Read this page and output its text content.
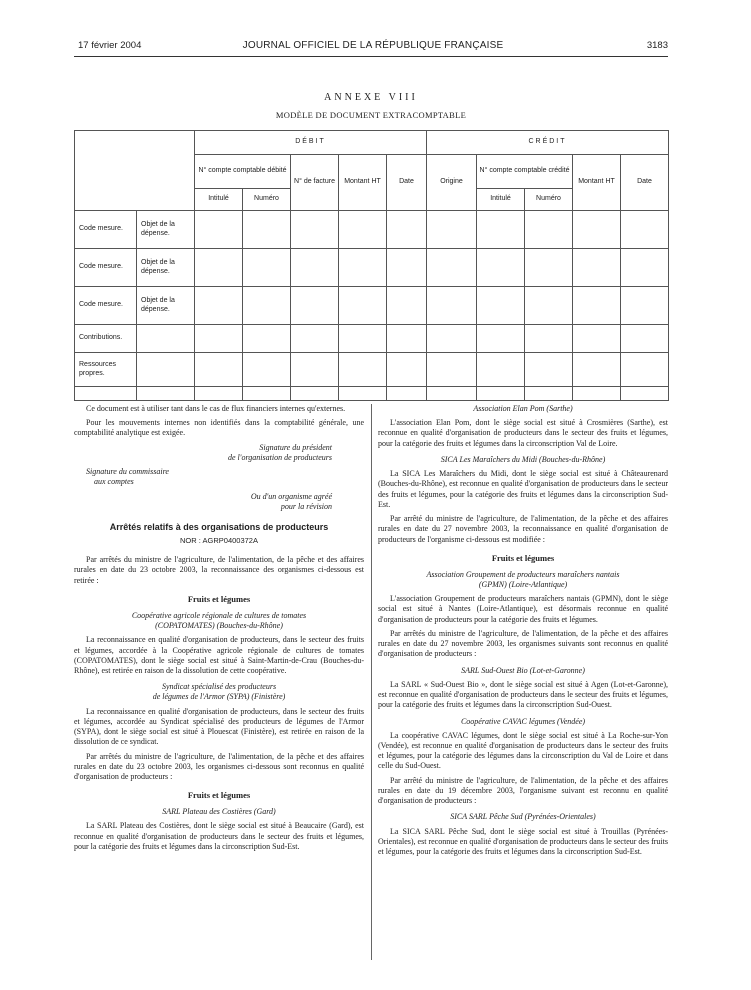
17 février 2004	JOURNAL OFFICIEL DE LA RÉPUBLIQUE FRANÇAISE	3183
ANNEXE VIII
MODÈLE DE DOCUMENT EXTRACOMPTABLE
		DÉBIT					CRÉDIT				
		N° compte comptable débité		N° de facture	Montant HT	Date	Origine	N° compte comptable crédité		Montant HT	Date
		Intitulé	Numéro					Intitulé	Numéro		
Code mesure.	Objet de la dépense.										
Code mesure.	Objet de la dépense.										
Code mesure.	Objet de la dépense.										
Contributions.											
Ressources propres.											

Ce document est à utiliser tant dans le cas de flux financiers internes qu'externes.

Pour les mouvements internes non identifiés dans la comptabilité générale, une comptabilité analytique est exigée.

Signature du président
de l'organisation de producteurs

Signature du commissaire
aux comptes

Ou d'un organisme agréé
pour la révision

Arrêtés relatifs à des organisations de producteurs
NOR : AGRP0400372A

Par arrêtés du ministre de l'agriculture, de l'alimentation, de la pêche et des affaires rurales en date du 23 octobre 2003, la reconnaissance des organismes ci-dessous est retirée :

Fruits et légumes

Coopérative agricole régionale de cultures de tomates
(COPATOMATES) (Bouches-du-Rhône)

La reconnaissance en qualité d'organisation de producteurs, dans le secteur des fruits et légumes, accordée à la Coopérative agricole régionale de cultures de tomates (COPATOMATES), dont le siège social est situé à Saint-Martin-de-Crau (Bouches-du-Rhône), est retirée en raison de la dissolution de cette coopérative.

Syndicat spécialisé des producteurs
de légumes de l'Armor (SYPA) (Finistère)

La reconnaissance en qualité d'organisation de producteurs, dans le secteur des fruits et légumes, accordée au Syndicat spécialisé des producteurs de légumes de l'Armor (SYPA), dont le siège social est situé à Plouescat (Finistère), est retirée en raison de la dissolution de ce syndicat.

Par arrêtés du ministre de l'agriculture, de l'alimentation, de la pêche et des affaires rurales en date du 23 octobre 2003, les organismes ci-dessous sont reconnus en qualité d'organisation de producteurs :

Fruits et légumes

SARL Plateau des Costières (Gard)

La SARL Plateau des Costières, dont le siège social est situé à Beaucaire (Gard), est reconnue en qualité d'organisation de producteurs dans le secteur des fruits et légumes, pour la catégorie des fruits et légumes dans la circonscription Sud-Est.

Association Elan Pom (Sarthe)

L'association Elan Pom, dont le siège social est situé à Crosmières (Sarthe), est reconnue en qualité d'organisation de producteurs dans le secteur des fruits et légumes, pour la catégorie des fruits et légumes dans la circonscription Val de Loire.

SICA Les Maraîchers du Midi (Bouches-du-Rhône)

La SICA Les Maraîchers du Midi, dont le siège social est situé à Châteaurenard (Bouches-du-Rhône), est reconnue en qualité d'organisation de producteurs dans le secteur des fruits et légumes, pour la catégorie des fruits et légumes dans la circonscription Sud-Est.

Par arrêté du ministre de l'agriculture, de l'alimentation, de la pêche et des affaires rurales en date du 27 novembre 2003, la reconnaissance en qualité d'organisation de producteurs de l'organisme ci-dessous est modifiée :

Fruits et légumes

Association Groupement de producteurs maraîchers nantais
(GPMN) (Loire-Atlantique)

L'association Groupement de producteurs maraîchers nantais (GPMN), dont le siège social est situé à Nantes (Loire-Atlantique), est désormais reconnue en qualité d'organisation de producteurs pour la catégorie des fruits et légumes.

Par arrêtés du ministre de l'agriculture, de l'alimentation, de la pêche et des affaires rurales en date du 27 novembre 2003, les organismes suivants sont reconnus en qualité d'organisation de producteurs :

SARL Sud-Ouest Bio (Lot-et-Garonne)

La SARL « Sud-Ouest Bio », dont le siège social est situé à Agen (Lot-et-Garonne), est reconnue en qualité d'organisation de producteurs dans le secteur des fruits et légumes, pour la catégorie des fruits et légumes dans la circonscription Sud-Ouest.

Coopérative CAVAC légumes (Vendée)

La coopérative CAVAC légumes, dont le siège social est situé à La Roche-sur-Yon (Vendée), est reconnue en qualité d'organisation de producteurs dans le secteur des fruits et légumes, pour la catégorie des légumes dans la circonscription du Val de Loire et dans celle du Sud-Ouest.

Par arrêté du ministre de l'agriculture, de l'alimentation, de la pêche et des affaires rurales en date du 19 décembre 2003, l'organisme suivant est reconnu en qualité d'organisation de producteurs :

SICA SARL Pêche Sud (Pyrénées-Orientales)

La SICA SARL Pêche Sud, dont le siège social est situé à Trouillas (Pyrénées-Orientales), est reconnue en qualité d'organisation de producteurs dans le secteur des fruits et légumes, pour la catégorie des fruits et légumes dans la circonscription Sud-Est.
